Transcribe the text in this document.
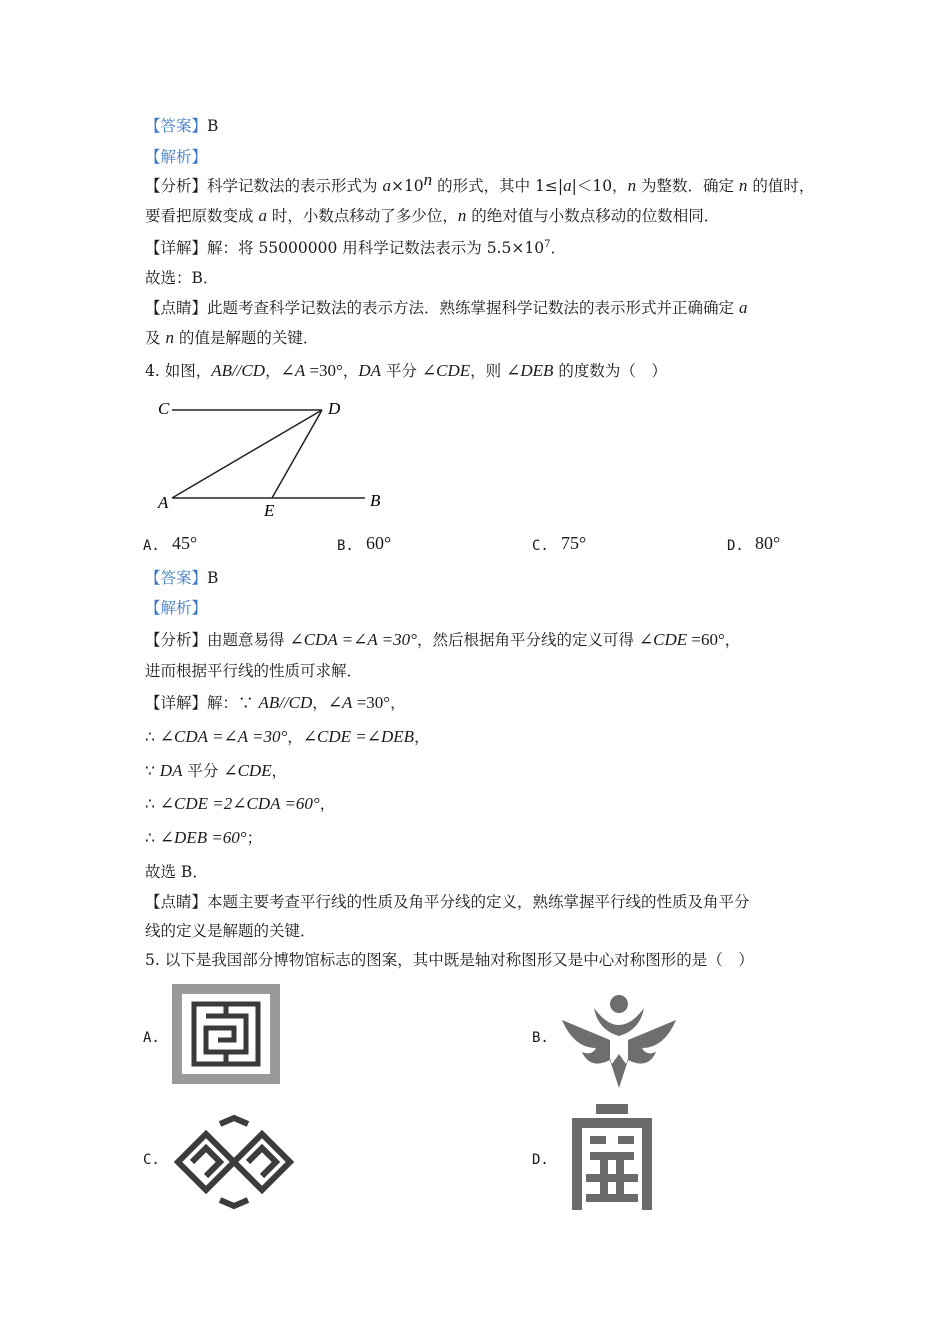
【答案】B
【解析】
【分析】科学记数法的表示形式为 $a\times 10^n$ 的形式，其中 1≤|a|＜10，n 为整数．确定 n 的值时，
要看把原数变成 a 时，小数点移动了多少位，n 的绝对值与小数点移动的位数相同．
【详解】解：将 55000000 用科学记数法表示为 $5.5\times 10^7$．
故选：B．
【点睛】此题考查科学记数法的表示方法．熟练掌握科学记数法的表示形式并正确确定 a
及 n 的值是解题的关键．
4. 如图，AB//CD，∠A =30°，DA 平分 ∠CDE，则 ∠DEB 的度数为（　）
C	D
A	E
B
A. 45°	B. 60°	C. 75°	D. 80°
【答案】B
【解析】
【分析】由题意易得 ∠CDA =∠A =30°，然后根据角平分线的定义可得 ∠CDE =60°，
进而根据平行线的性质可求解．
【详解】解：∵ AB//CD，∠A =30°，
∴ ∠CDA =∠A =30°，∠CDE =∠DEB，
∵ DA 平分 ∠CDE，
∴ ∠CDE =2∠CDA =60°，
∴ ∠DEB =60°；
故选 B．
【点睛】本题主要考查平行线的性质及角平分线的定义，熟练掌握平行线的性质及角平分
线的定义是解题的关键．
5. 以下是我国部分博物馆标志的图案，其中既是轴对称图形又是中心对称图形的是（　）
A.	B.
C.	D.
